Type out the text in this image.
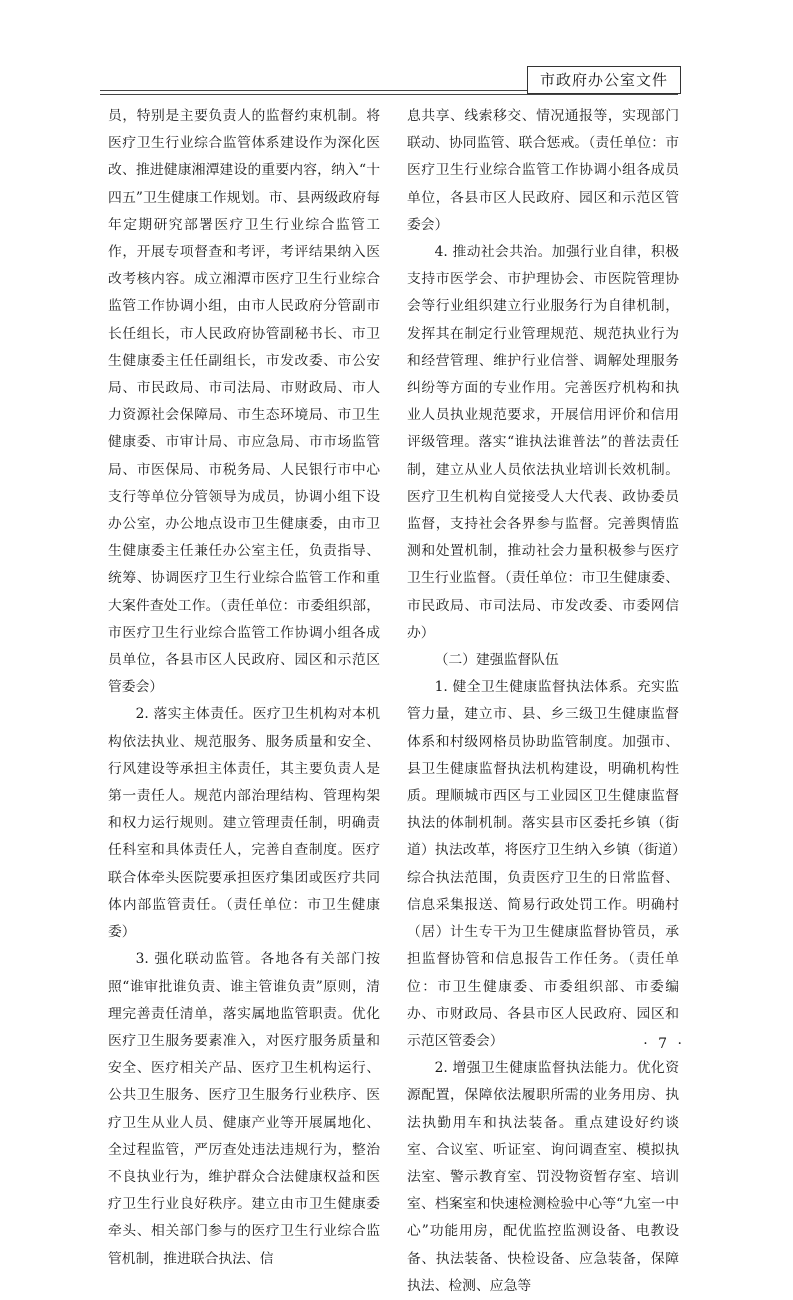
市政府办公室文件

员，特别是主要负责人的监督约束机制。将医疗卫生行业综合监管体系建设作为深化医改、推进健康湘潭建设的重要内容，纳入“十四五”卫生健康工作规划。市、县两级政府每年定期研究部署医疗卫生行业综合监管工作，开展专项督查和考评，考评结果纳入医改考核内容。成立湘潭市医疗卫生行业综合监管工作协调小组，由市人民政府分管副市长任组长，市人民政府协管副秘书长、市卫生健康委主任任副组长，市发改委、市公安局、市民政局、市司法局、市财政局、市人力资源社会保障局、市生态环境局、市卫生健康委、市审计局、市应急局、市市场监管局、市医保局、市税务局、人民银行市中心支行等单位分管领导为成员，协调小组下设办公室，办公地点设市卫生健康委，由市卫生健康委主任兼任办公室主任，负责指导、统筹、协调医疗卫生行业综合监管工作和重大案件查处工作。（责任单位：市委组织部，市医疗卫生行业综合监管工作协调小组各成员单位，各县市区人民政府、园区和示范区管委会）

2. 落实主体责任。医疗卫生机构对本机构依法执业、规范服务、服务质量和安全、行风建设等承担主体责任，其主要负责人是第一责任人。规范内部治理结构、管理构架和权力运行规则。建立管理责任制，明确责任科室和具体责任人，完善自查制度。医疗联合体牵头医院要承担医疗集团或医疗共同体内部监管责任。（责任单位：市卫生健康委）

3. 强化联动监管。各地各有关部门按照“谁审批谁负责、谁主管谁负责”原则，清理完善责任清单，落实属地监管职责。优化医疗卫生服务要素准入，对医疗服务质量和安全、医疗相关产品、医疗卫生机构运行、公共卫生服务、医疗卫生服务行业秩序、医疗卫生从业人员、健康产业等开展属地化、全过程监管，严厉查处违法违规行为，整治不良执业行为，维护群众合法健康权益和医疗卫生行业良好秩序。建立由市卫生健康委牵头、相关部门参与的医疗卫生行业综合监管机制，推进联合执法、信

息共享、线索移交、情况通报等，实现部门联动、协同监管、联合惩戒。（责任单位：市医疗卫生行业综合监管工作协调小组各成员单位，各县市区人民政府、园区和示范区管委会）

4. 推动社会共治。加强行业自律，积极支持市医学会、市护理协会、市医院管理协会等行业组织建立行业服务行为自律机制，发挥其在制定行业管理规范、规范执业行为和经营管理、维护行业信誉、调解处理服务纠纷等方面的专业作用。完善医疗机构和执业人员执业规范要求，开展信用评价和信用评级管理。落实“谁执法谁普法”的普法责任制，建立从业人员依法执业培训长效机制。医疗卫生机构自觉接受人大代表、政协委员监督，支持社会各界参与监督。完善舆情监测和处置机制，推动社会力量积极参与医疗卫生行业监督。（责任单位：市卫生健康委、市民政局、市司法局、市发改委、市委网信办）

（二）建强监督队伍

1. 健全卫生健康监督执法体系。充实监管力量，建立市、县、乡三级卫生健康监督体系和村级网格员协助监管制度。加强市、县卫生健康监督执法机构建设，明确机构性质。理顺城市西区与工业园区卫生健康监督执法的体制机制。落实县市区委托乡镇（街道）执法改革，将医疗卫生纳入乡镇（街道）综合执法范围，负责医疗卫生的日常监督、信息采集报送、简易行政处罚工作。明确村（居）计生专干为卫生健康监督协管员，承担监督协管和信息报告工作任务。（责任单位：市卫生健康委、市委组织部、市委编办、市财政局、各县市区人民政府、园区和示范区管委会）

2. 增强卫生健康监督执法能力。优化资源配置，保障依法履职所需的业务用房、执法执勤用车和执法装备。重点建设好约谈室、合议室、听证室、询问调查室、模拟执法室、警示教育室、罚没物资暂存室、培训室、档案室和快速检测检验中心等“九室一中心”功能用房，配优监控监测设备、电教设备、执法装备、快检设备、应急装备，保障执法、检测、应急等

· 7 ·
